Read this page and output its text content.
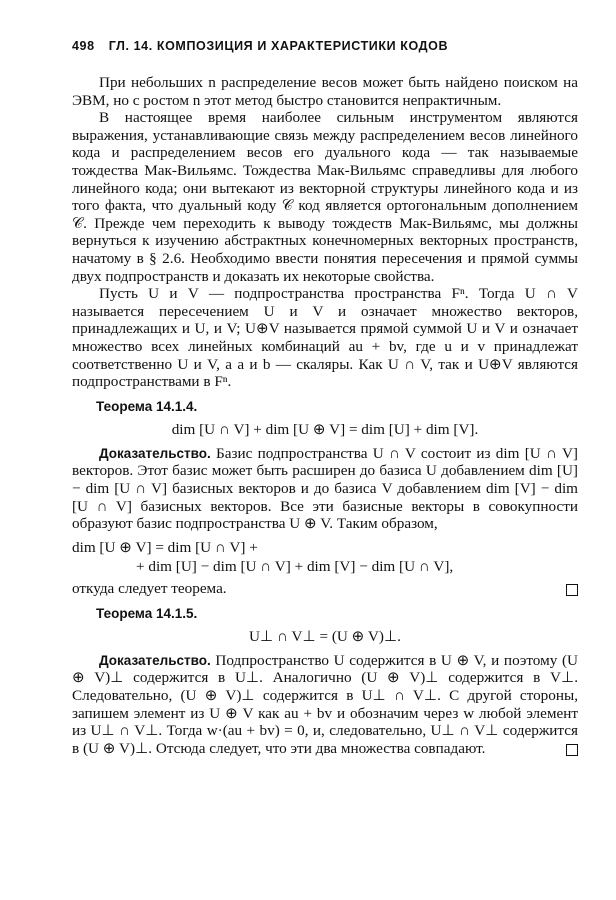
498 ГЛ. 14. КОМПОЗИЦИЯ И ХАРАКТЕРИСТИКИ КОДОВ

При небольших n распределение весов может быть найдено поиском на ЭВМ, но с ростом n этот метод быстро становится непрактичным.

В настоящее время наиболее сильным инструментом являются выражения, устанавливающие связь между распределением весов линейного кода и распределением весов его дуального кода — так называемые тождества Мак-Вильямс. Тождества Мак-Вильямс справедливы для любого линейного кода; они вытекают из векторной структуры линейного кода и из того факта, что дуальный коду 𝒞 код является ортогональным дополнением 𝒞. Прежде чем переходить к выводу тождеств Мак-Вильямс, мы должны вернуться к изучению абстрактных конечномерных векторных пространств, начатому в § 2.6. Необходимо ввести понятия пересечения и прямой суммы двух подпространств и доказать их некоторые свойства.

Пусть U и V — подпространства пространства Fⁿ. Тогда U ∩ V называется пересечением U и V и означает множество векторов, принадлежащих и U, и V; U⊕V называется прямой суммой U и V и означает множество всех линейных комбинаций au + bv, где u и v принадлежат соответственно U и V, а a и b — скаляры. Как U ∩ V, так и U⊕V являются подпространствами в Fⁿ.

Теорема 14.1.4.

dim [U ∩ V] + dim [U ⊕ V] = dim [U] + dim [V].

Доказательство. Базис подпространства U ∩ V состоит из dim [U ∩ V] векторов. Этот базис может быть расширен до базиса U добавлением dim [U] − dim [U ∩ V] базисных векторов и до базиса V добавлением dim [V] − dim [U ∩ V] базисных векторов. Все эти базисные векторы в совокупности образуют базис подпространства U ⊕ V. Таким образом,

dim [U ⊕ V] = dim [U ∩ V] +

+ dim [U] − dim [U ∩ V] + dim [V] − dim [U ∩ V],

откуда следует теорема.

Теорема 14.1.5.

U⊥ ∩ V⊥ = (U ⊕ V)⊥.

Доказательство. Подпространство U содержится в U ⊕ V, и поэтому (U ⊕ V)⊥ содержится в U⊥. Аналогично (U ⊕ V)⊥ содержится в V⊥. Следовательно, (U ⊕ V)⊥ содержится в U⊥ ∩ V⊥. С другой стороны, запишем элемент из U ⊕ V как au + bv и обозначим через w любой элемент из U⊥ ∩ V⊥. Тогда w·(au + bv) = 0, и, следовательно, U⊥ ∩ V⊥ содержится в (U ⊕ V)⊥. Отсюда следует, что эти два множества совпадают.
